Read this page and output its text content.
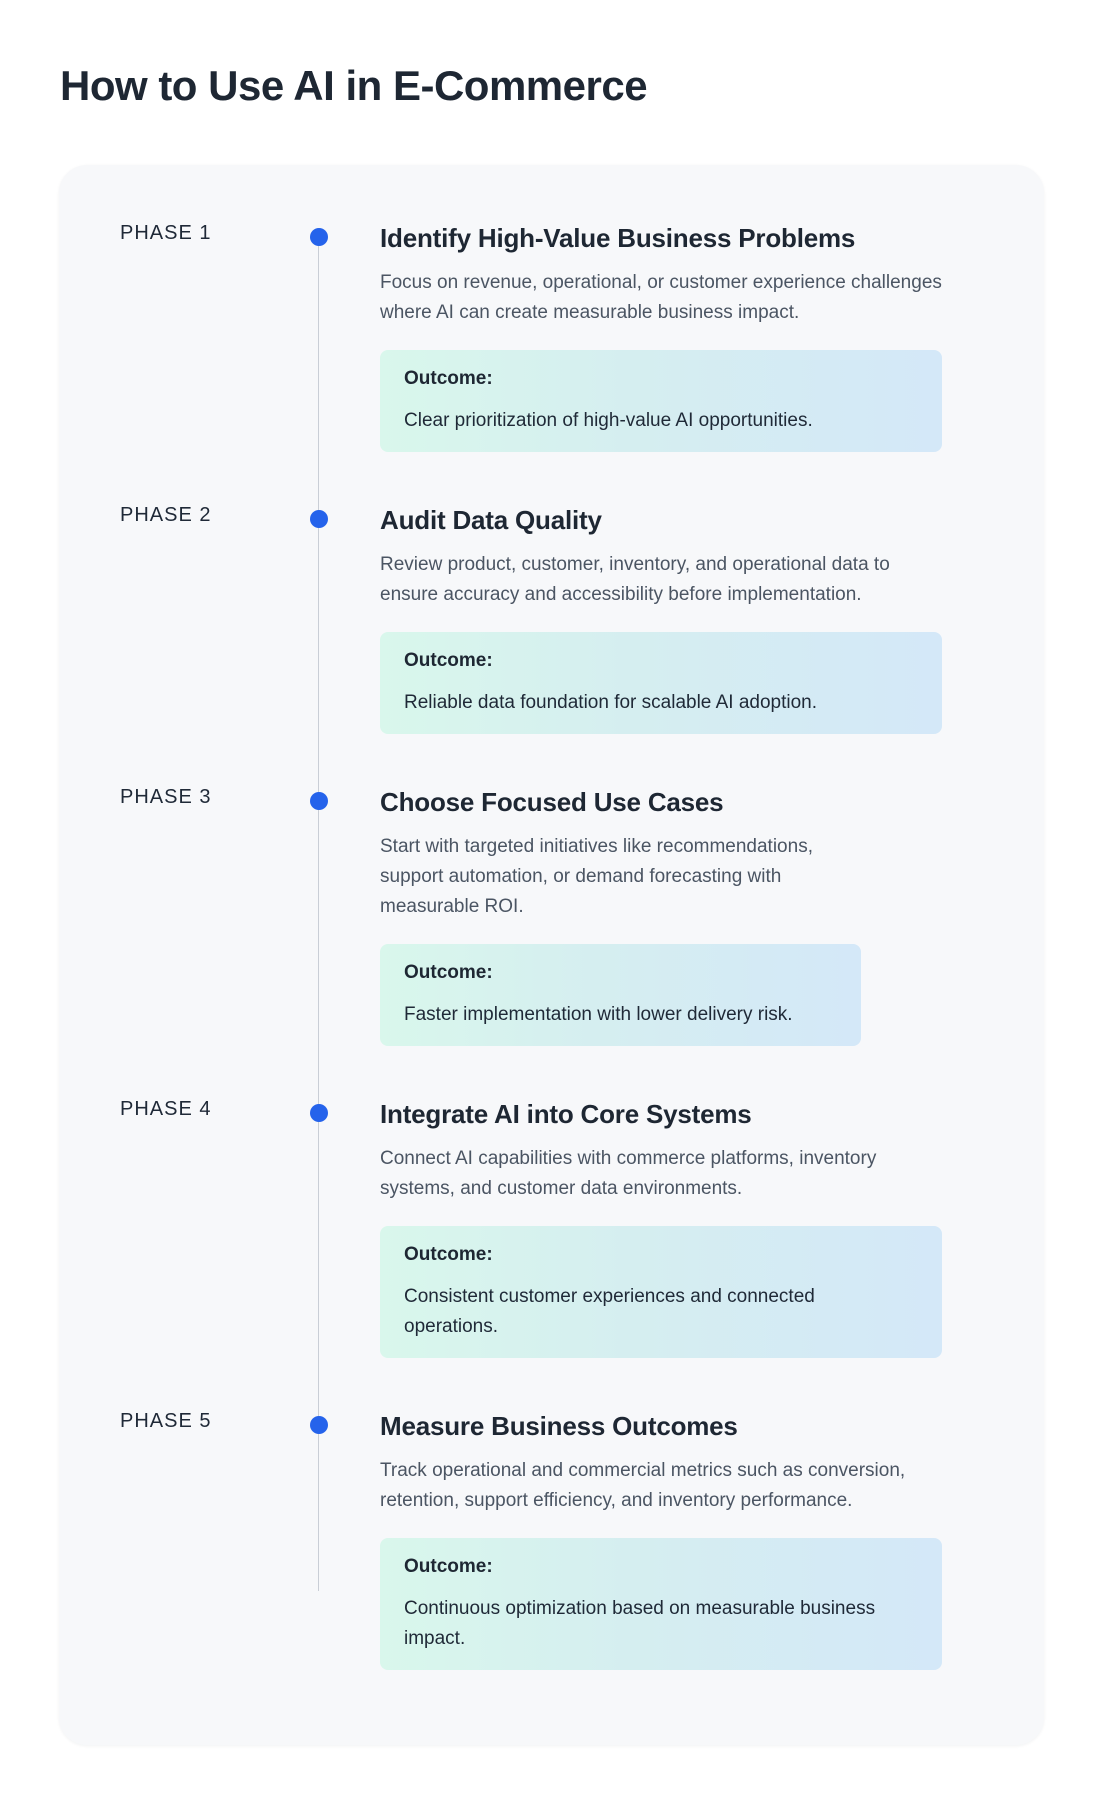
How to Use AI in E-Commerce
PHASE 1	Identify High-Value Business Problems

Focus on revenue, operational, or customer experience challenges where AI can create measurable business impact.

Outcome:
Clear prioritization of high-value AI opportunities.
PHASE 2	Audit Data Quality

Review product, customer, inventory, and operational data to ensure accuracy and accessibility before implementation.

Outcome:
Reliable data foundation for scalable AI adoption.
PHASE 3	Choose Focused Use Cases

Start with targeted initiatives like recommendations, support automation, or demand forecasting with measurable ROI.

Outcome:
Faster implementation with lower delivery risk.
PHASE 4	Integrate AI into Core Systems

Connect AI capabilities with commerce platforms, inventory systems, and customer data environments.

Outcome:
Consistent customer experiences and connected operations.
PHASE 5	Measure Business Outcomes

Track operational and commercial metrics such as conversion, retention, support efficiency, and inventory performance.

Outcome:
Continuous optimization based on measurable business impact.
